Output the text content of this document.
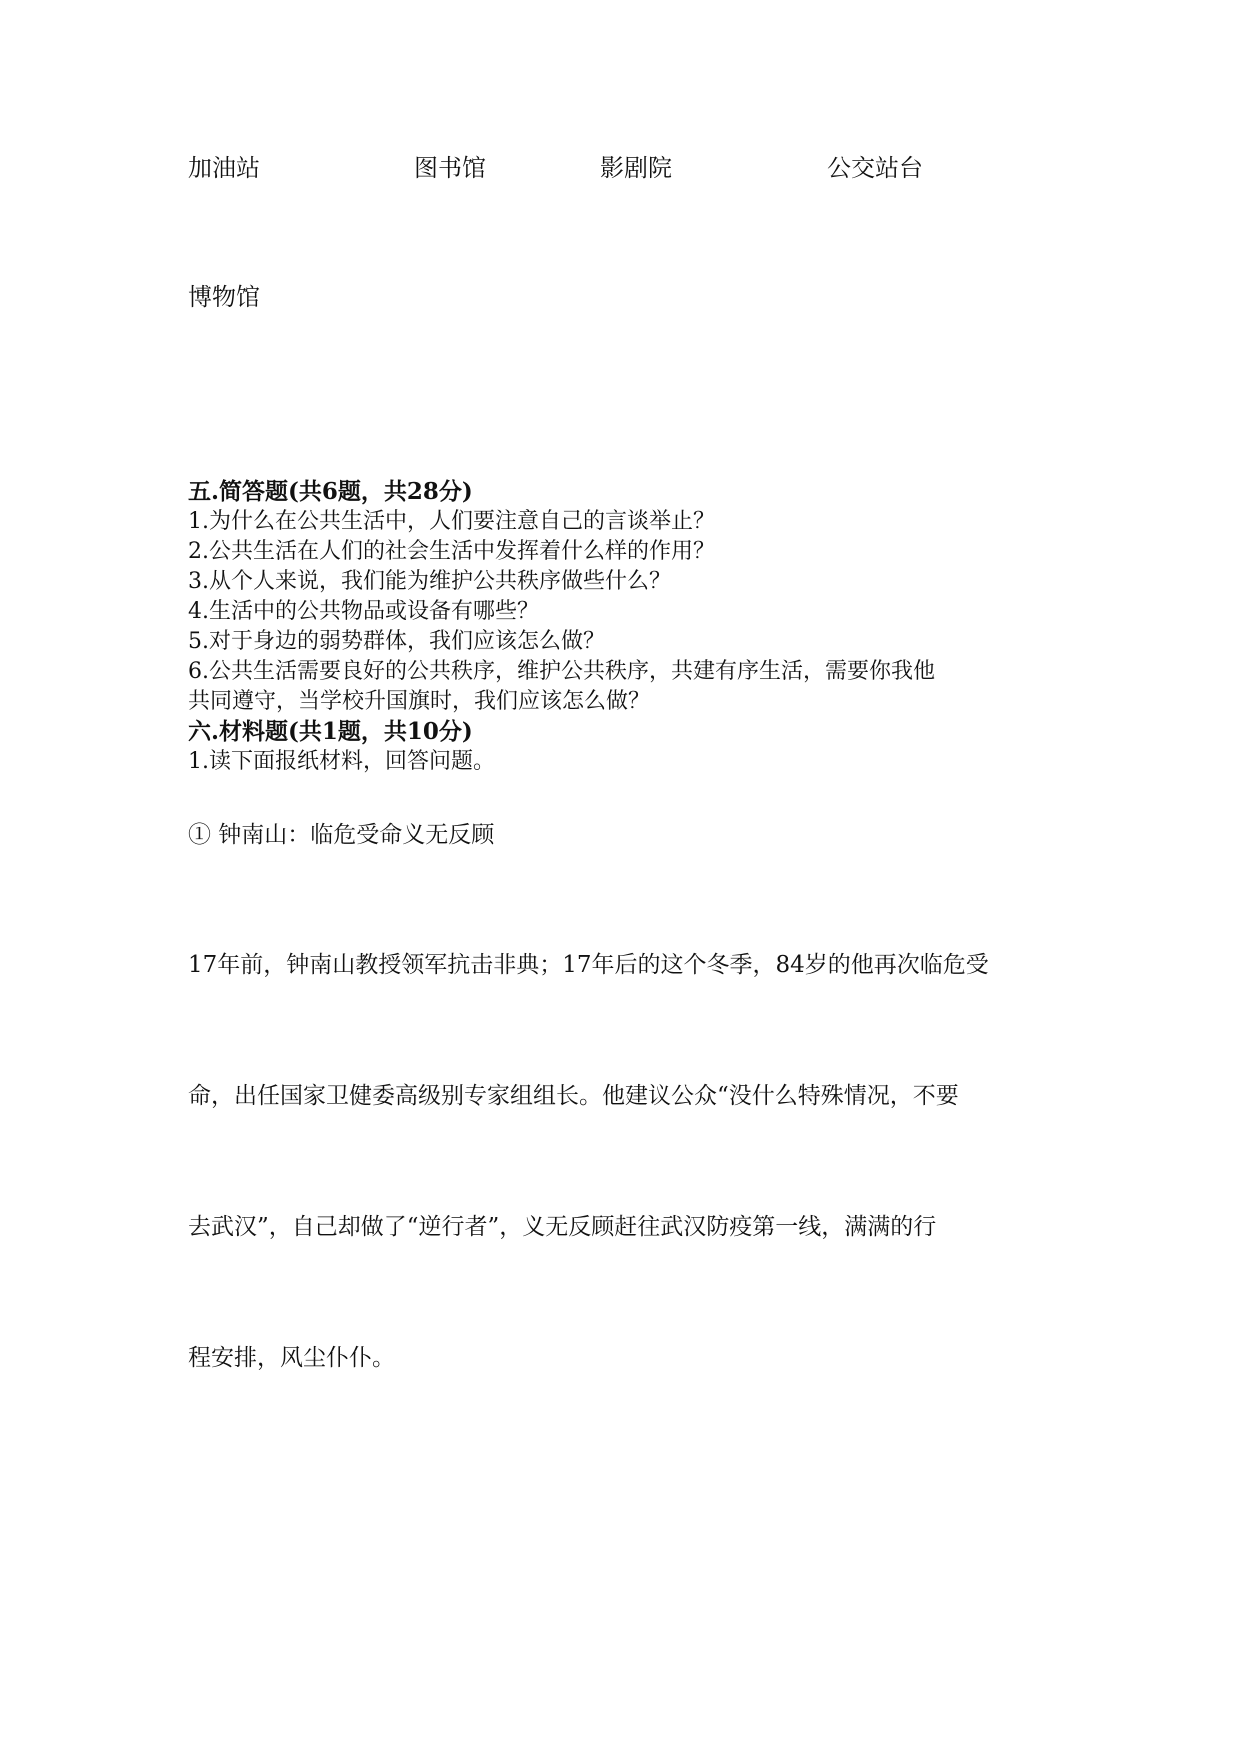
加油站	图书馆	影剧院	公交站台
博物馆
五.简答题(共6题，共28分)
1.为什么在公共生活中，人们要注意自己的言谈举止？
2.公共生活在人们的社会生活中发挥着什么样的作用？
3.从个人来说，我们能为维护公共秩序做些什么？
4.生活中的公共物品或设备有哪些？
5.对于身边的弱势群体，我们应该怎么做？
6.公共生活需要良好的公共秩序，维护公共秩序，共建有序生活，需要你我他
共同遵守，当学校升国旗时，我们应该怎么做？
六.材料题(共1题，共10分)
1.读下面报纸材料，回答问题。
① 钟南山：临危受命义无反顾
17年前，钟南山教授领军抗击非典；17年后的这个冬季，84岁的他再次临危受
命，出任国家卫健委高级别专家组组长。他建议公众“没什么特殊情况，不要
去武汉”，自己却做了“逆行者”，义无反顾赶往武汉防疫第一线，满满的行
程安排，风尘仆仆。
